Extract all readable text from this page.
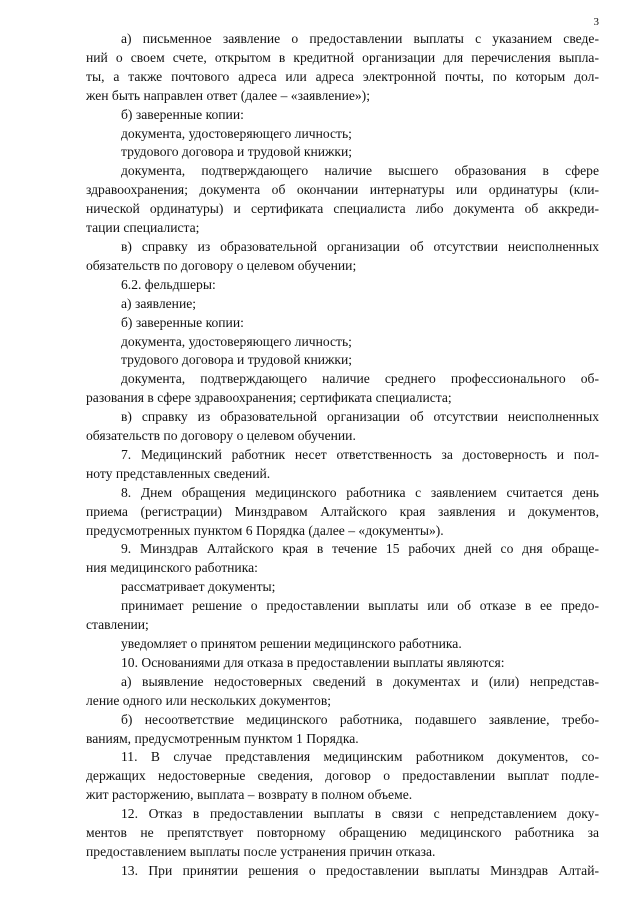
3
а) письменное заявление о предоставлении выплаты с указанием сведе-
ний о своем счете, открытом в кредитной организации для перечисления выпла-
ты, а также почтового адреса или адреса электронной почты, по которым дол-
жен быть направлен ответ (далее – «заявление»);
б) заверенные копии:
документа, удостоверяющего личность;
трудового договора и трудовой книжки;
документа, подтверждающего наличие высшего образования в сфере
здравоохранения; документа об окончании интернатуры или ординатуры (кли-
нической ординатуры) и сертификата специалиста либо документа об аккреди-
тации специалиста;
в) справку из образовательной организации об отсутствии неисполненных
обязательств по договору о целевом обучении;
6.2. фельдшеры:
а) заявление;
б) заверенные копии:
документа, удостоверяющего личность;
трудового договора и трудовой книжки;
документа, подтверждающего наличие среднего профессионального об-
разования в сфере здравоохранения; сертификата специалиста;
в) справку из образовательной организации об отсутствии неисполненных
обязательств по договору о целевом обучении.
7. Медицинский работник несет ответственность за достоверность и пол-
ноту представленных сведений.
8. Днем обращения медицинского работника с заявлением считается день
приема (регистрации) Минздравом Алтайского края заявления и документов,
предусмотренных пунктом 6 Порядка (далее – «документы»).
9. Минздрав Алтайского края в течение 15 рабочих дней со дня обраще-
ния медицинского работника:
рассматривает документы;
принимает решение о предоставлении выплаты или об отказе в ее предо-
ставлении;
уведомляет о принятом решении медицинского работника.
10. Основаниями для отказа в предоставлении выплаты являются:
а) выявление недостоверных сведений в документах и (или) непредстав-
ление одного или нескольких документов;
б) несоответствие медицинского работника, подавшего заявление, требо-
ваниям, предусмотренным пунктом 1 Порядка.
11. В случае представления медицинским работником документов, со-
держащих недостоверные сведения, договор о предоставлении выплат подле-
жит расторжению, выплата – возврату в полном объеме.
12. Отказ в предоставлении выплаты в связи с непредставлением доку-
ментов не препятствует повторному обращению медицинского работника за
предоставлением выплаты после устранения причин отказа.
13. При принятии решения о предоставлении выплаты Минздрав Алтай-
